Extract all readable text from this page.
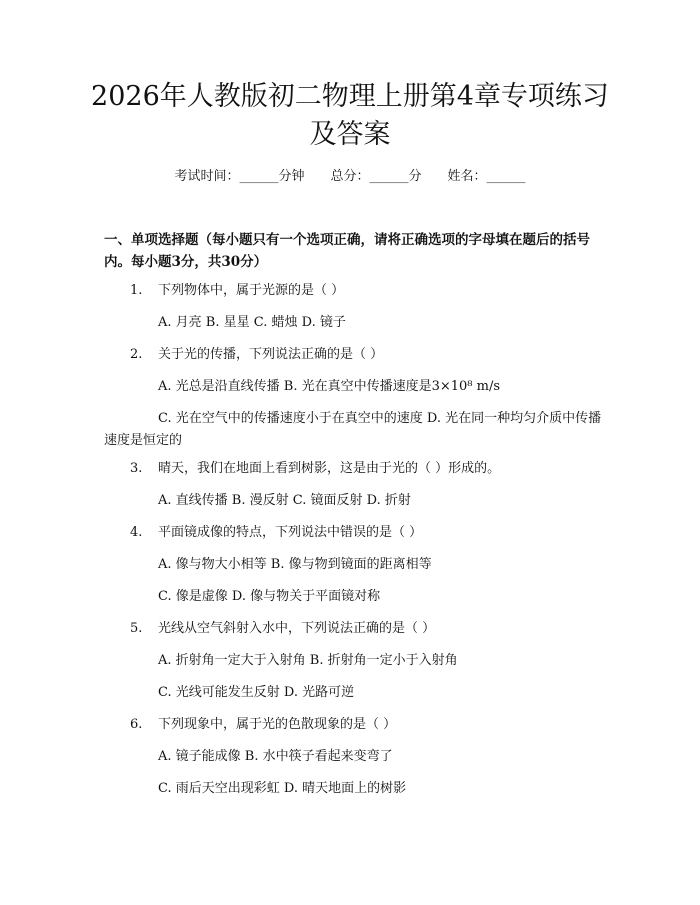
2026年人教版初二物理上册第4章专项练习及答案
考试时间：______分钟 总分：______分 姓名：______
一、单项选择题（每小题只有一个选项正确，请将正确选项的字母填在题后的括号内。每小题3分，共30分）
1. 下列物体中，属于光源的是（ ）
A. 月亮 B. 星星 C. 蜡烛 D. 镜子
2. 关于光的传播，下列说法正确的是（ ）
A. 光总是沿直线传播 B. 光在真空中传播速度是3×10⁸ m/s
C. 光在空气中的传播速度小于在真空中的速度 D. 光在同一种均匀介质中传播速度是恒定的
3. 晴天，我们在地面上看到树影，这是由于光的（ ）形成的。
A. 直线传播 B. 漫反射 C. 镜面反射 D. 折射
4. 平面镜成像的特点，下列说法中错误的是（ ）
A. 像与物大小相等 B. 像与物到镜面的距离相等
C. 像是虚像 D. 像与物关于平面镜对称
5. 光线从空气斜射入水中，下列说法正确的是（ ）
A. 折射角一定大于入射角 B. 折射角一定小于入射角
C. 光线可能发生反射 D. 光路可逆
6. 下列现象中，属于光的色散现象的是（ ）
A. 镜子能成像 B. 水中筷子看起来变弯了
C. 雨后天空出现彩虹 D. 晴天地面上的树影
